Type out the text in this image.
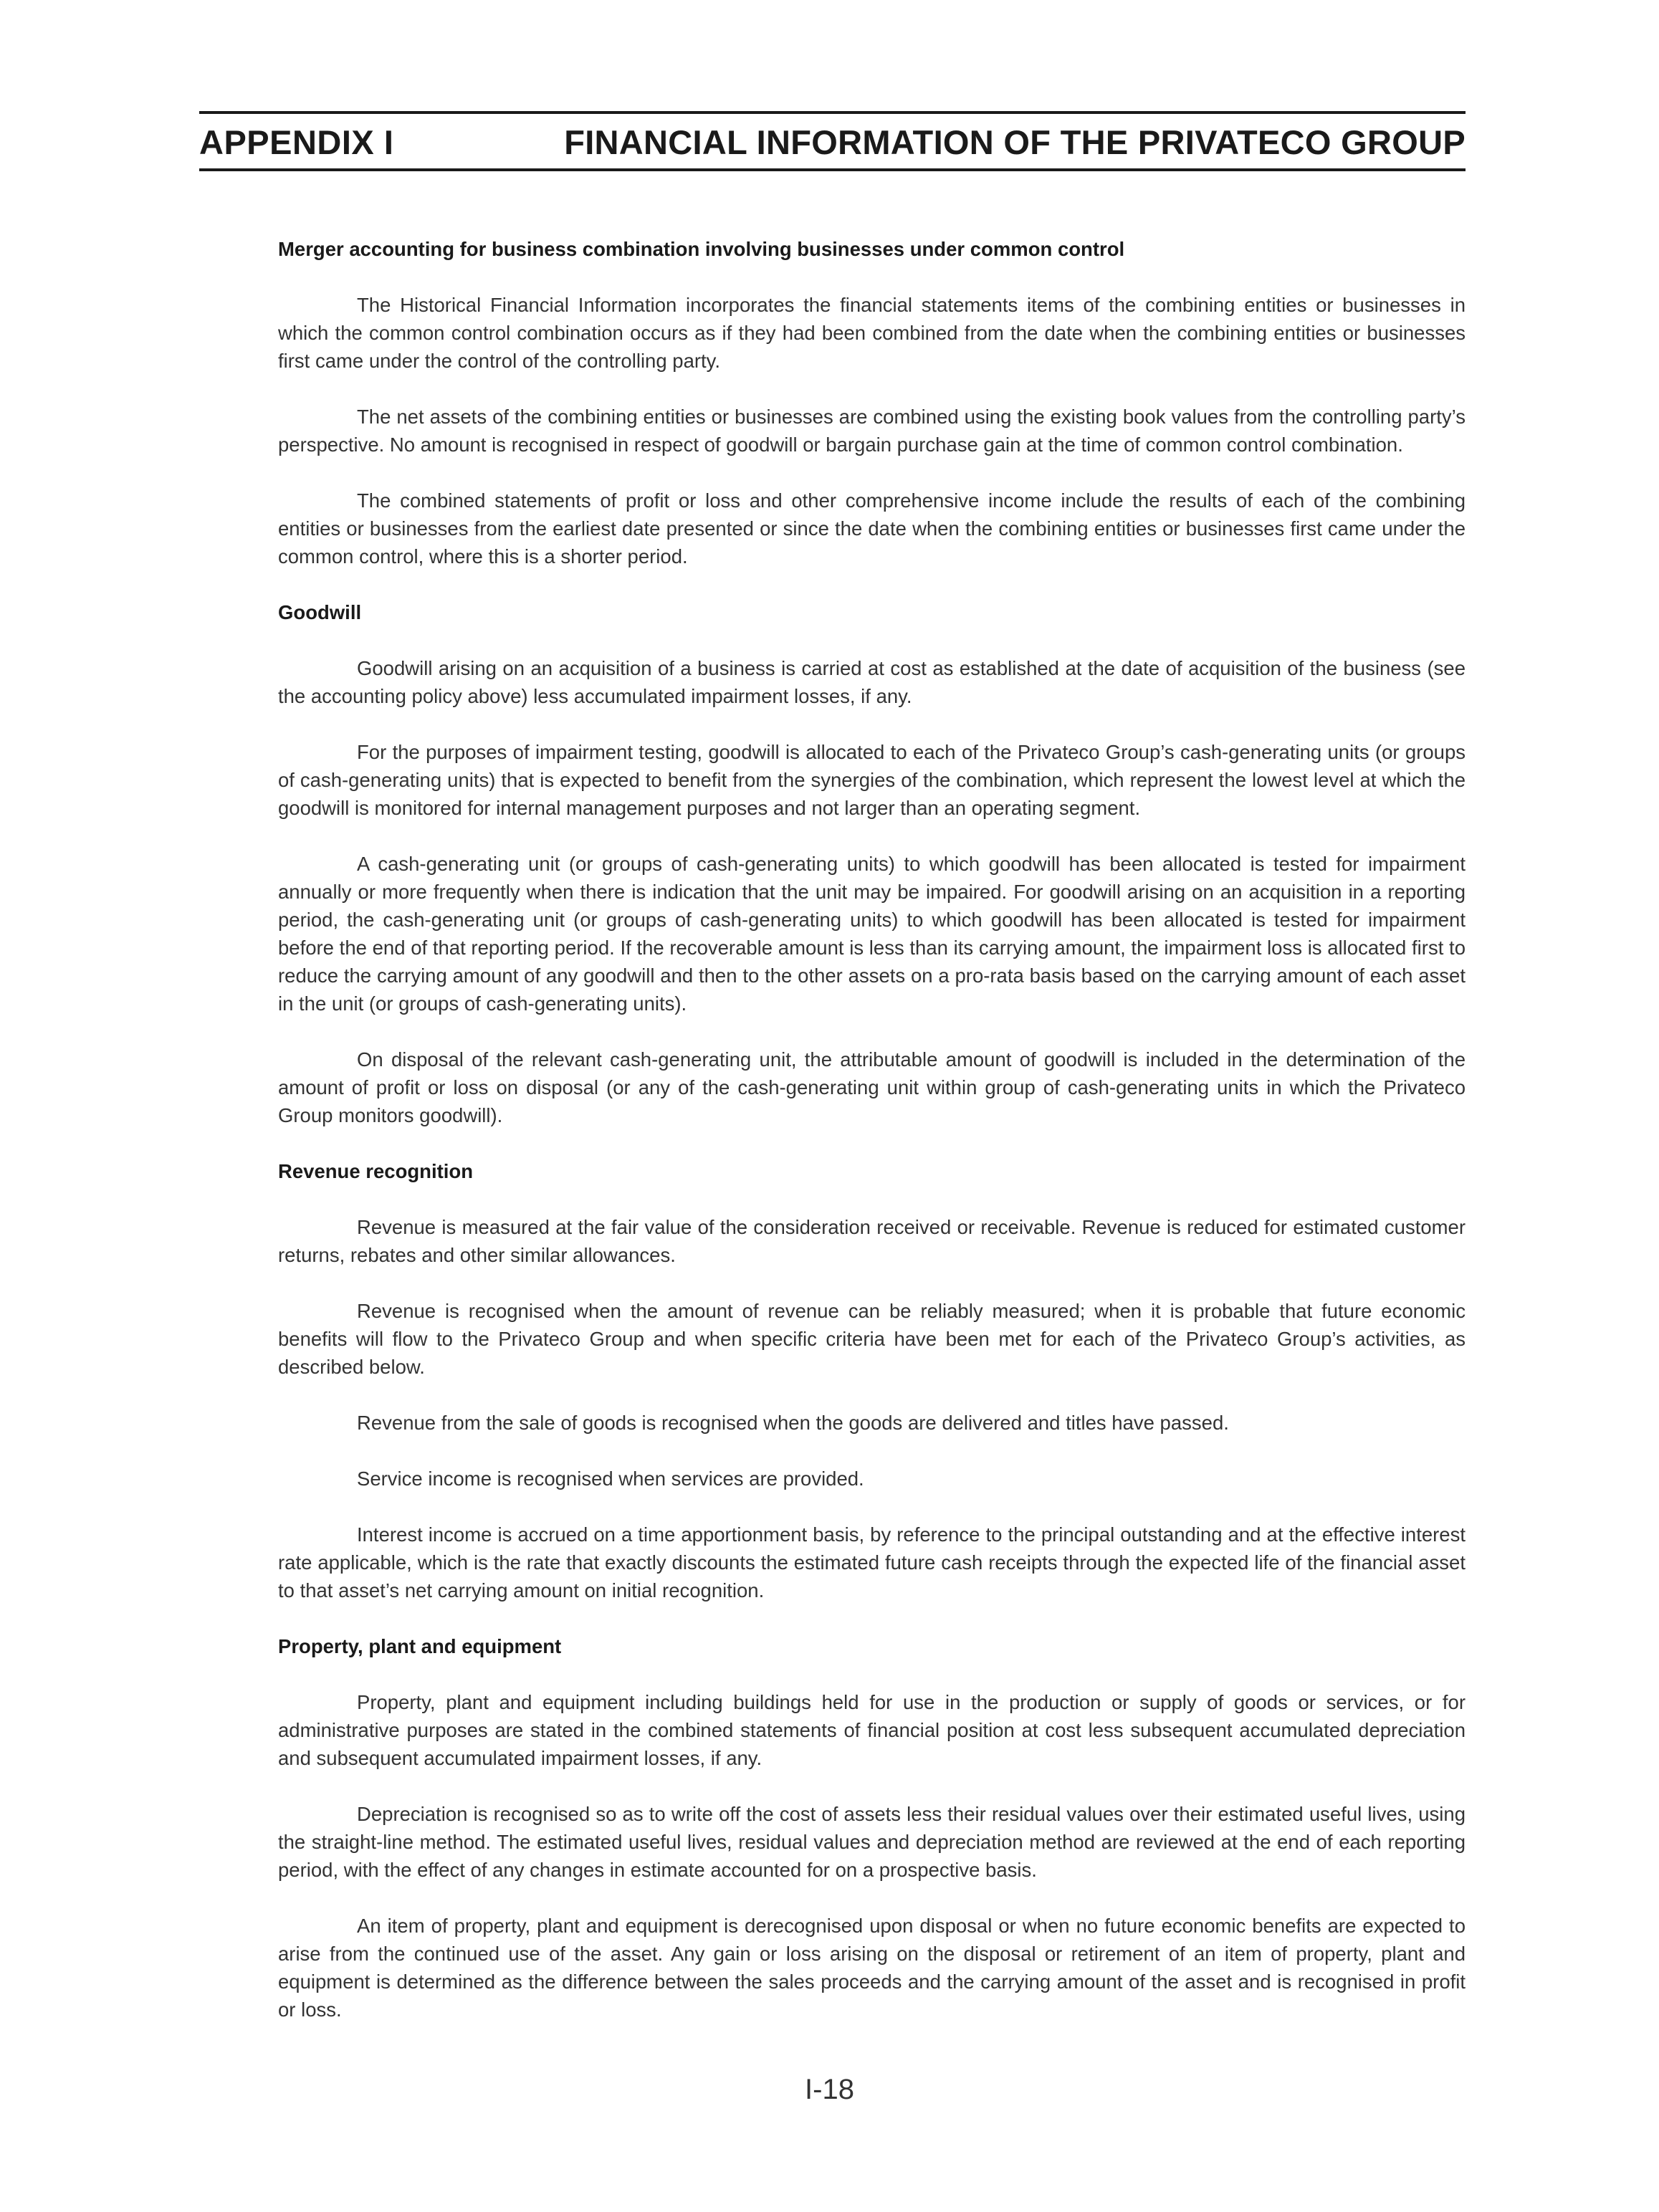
APPENDIX I	FINANCIAL INFORMATION OF THE PRIVATECO GROUP

Merger accounting for business combination involving businesses under common control

The Historical Financial Information incorporates the financial statements items of the combining entities or businesses in which the common control combination occurs as if they had been combined from the date when the combining entities or businesses first came under the control of the controlling party.

The net assets of the combining entities or businesses are combined using the existing book values from the controlling party’s perspective. No amount is recognised in respect of goodwill or bargain purchase gain at the time of common control combination.

The combined statements of profit or loss and other comprehensive income include the results of each of the combining entities or businesses from the earliest date presented or since the date when the combining entities or businesses first came under the common control, where this is a shorter period.

Goodwill

Goodwill arising on an acquisition of a business is carried at cost as established at the date of acquisition of the business (see the accounting policy above) less accumulated impairment losses, if any.

For the purposes of impairment testing, goodwill is allocated to each of the Privateco Group’s cash-generating units (or groups of cash-generating units) that is expected to benefit from the synergies of the combination, which represent the lowest level at which the goodwill is monitored for internal management purposes and not larger than an operating segment.

A cash-generating unit (or groups of cash-generating units) to which goodwill has been allocated is tested for impairment annually or more frequently when there is indication that the unit may be impaired. For goodwill arising on an acquisition in a reporting period, the cash-generating unit (or groups of cash-generating units) to which goodwill has been allocated is tested for impairment before the end of that reporting period. If the recoverable amount is less than its carrying amount, the impairment loss is allocated first to reduce the carrying amount of any goodwill and then to the other assets on a pro-rata basis based on the carrying amount of each asset in the unit (or groups of cash-generating units).

On disposal of the relevant cash-generating unit, the attributable amount of goodwill is included in the determination of the amount of profit or loss on disposal (or any of the cash-generating unit within group of cash-generating units in which the Privateco Group monitors goodwill).

Revenue recognition

Revenue is measured at the fair value of the consideration received or receivable. Revenue is reduced for estimated customer returns, rebates and other similar allowances.

Revenue is recognised when the amount of revenue can be reliably measured; when it is probable that future economic benefits will flow to the Privateco Group and when specific criteria have been met for each of the Privateco Group’s activities, as described below.

Revenue from the sale of goods is recognised when the goods are delivered and titles have passed.

Service income is recognised when services are provided.

Interest income is accrued on a time apportionment basis, by reference to the principal outstanding and at the effective interest rate applicable, which is the rate that exactly discounts the estimated future cash receipts through the expected life of the financial asset to that asset’s net carrying amount on initial recognition.

Property, plant and equipment

Property, plant and equipment including buildings held for use in the production or supply of goods or services, or for administrative purposes are stated in the combined statements of financial position at cost less subsequent accumulated depreciation and subsequent accumulated impairment losses, if any.

Depreciation is recognised so as to write off the cost of assets less their residual values over their estimated useful lives, using the straight-line method. The estimated useful lives, residual values and depreciation method are reviewed at the end of each reporting period, with the effect of any changes in estimate accounted for on a prospective basis.

An item of property, plant and equipment is derecognised upon disposal or when no future economic benefits are expected to arise from the continued use of the asset. Any gain or loss arising on the disposal or retirement of an item of property, plant and equipment is determined as the difference between the sales proceeds and the carrying amount of the asset and is recognised in profit or loss.

I-18
